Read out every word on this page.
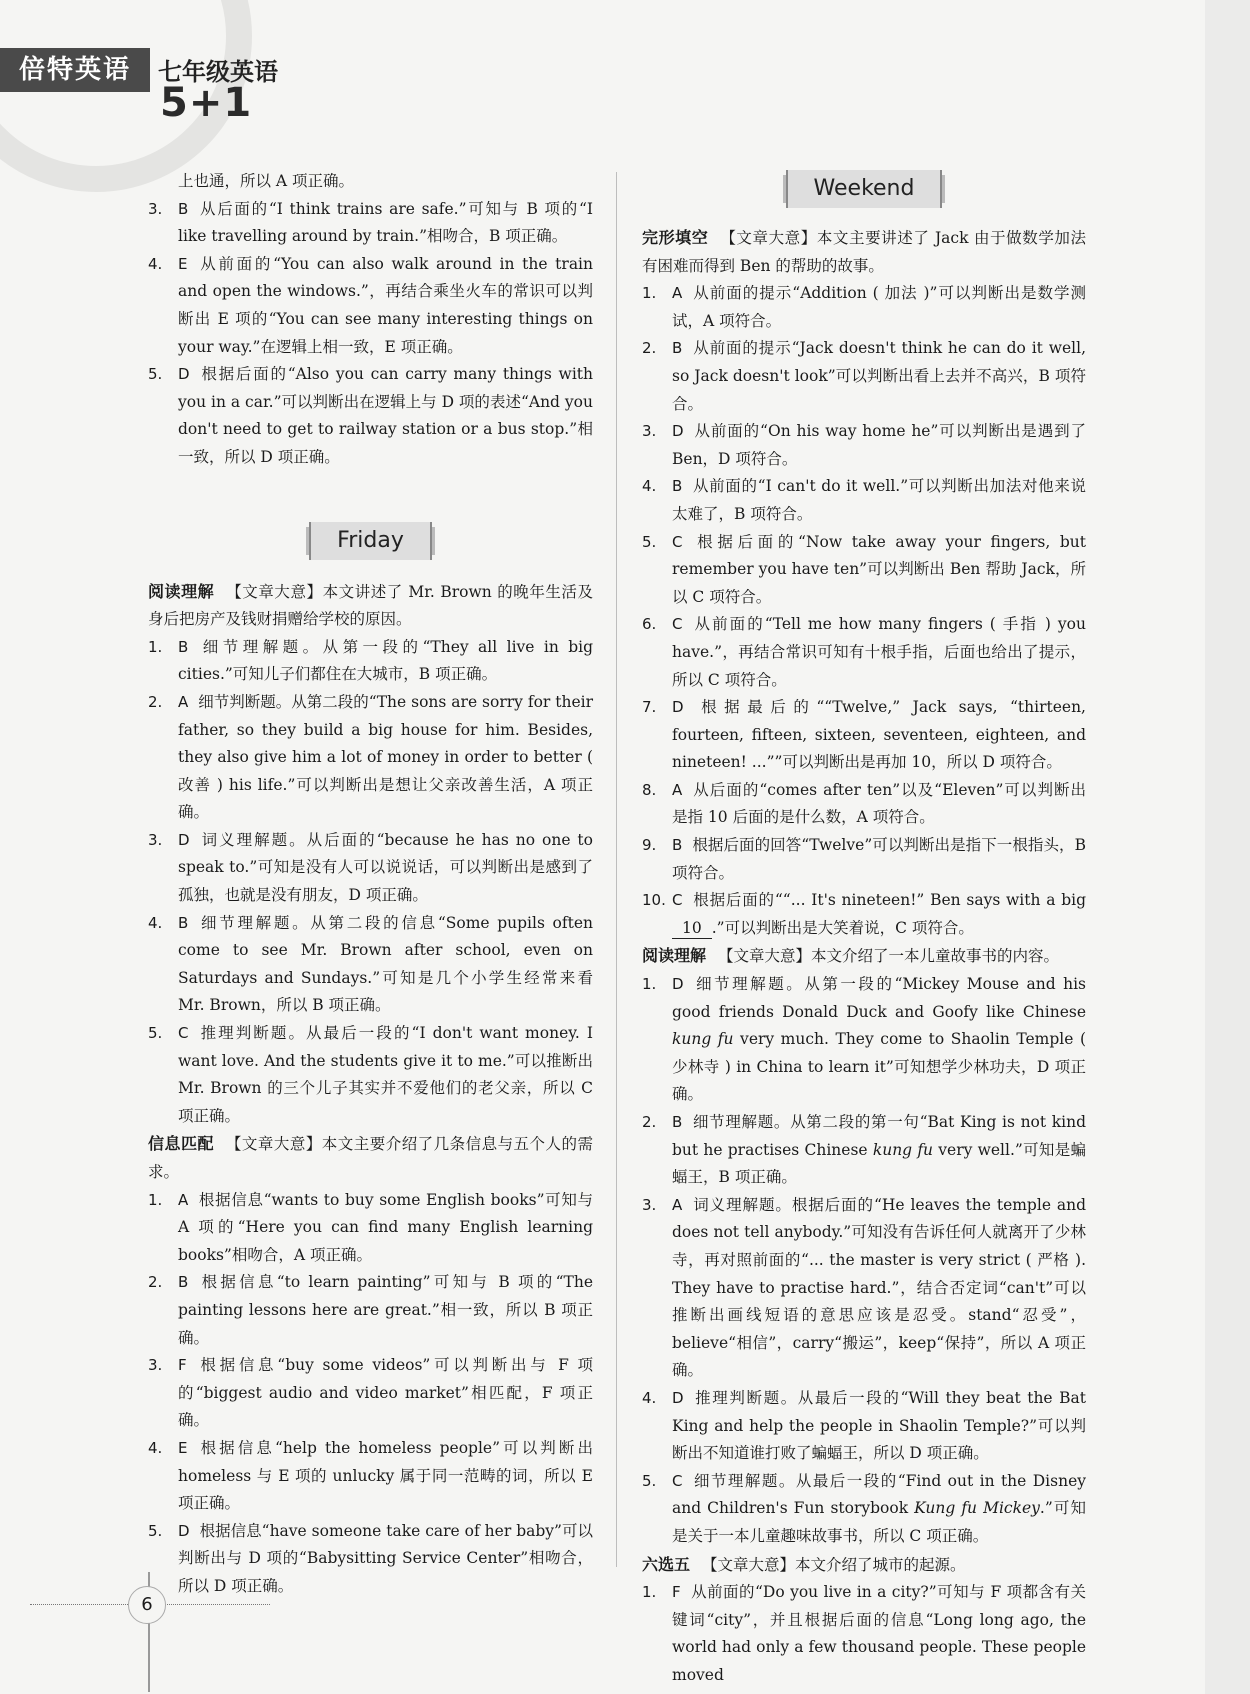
倍特英语	七年级英语
5+1
上也通，所以 A 项正确。
3. B 从后面的“I think trains are safe.”可知与 B 项的“I like travelling around by train.”相吻合，B 项正确。
4. E 从前面的“You can also walk around in the train and open the windows.”，再结合乘坐火车的常识可以判断出 E 项的“You can see many interesting things on your way.”在逻辑上相一致，E 项正确。
5. D 根据后面的“Also you can carry many things with you in a car.”可以判断出在逻辑上与 D 项的表述“And you don't need to get to railway station or a bus stop.”相一致，所以 D 项正确。
Friday
阅读理解 【文章大意】本文讲述了 Mr. Brown 的晚年生活及身后把房产及钱财捐赠给学校的原因。
1. B 细节理解题。从第一段的“They all live in big cities.”可知儿子们都住在大城市，B 项正确。
2. A 细节判断题。从第二段的“The sons are sorry for their father, so they build a big house for him. Besides, they also give him a lot of money in order to better ( 改善 ) his life.”可以判断出是想让父亲改善生活，A 项正确。
3. D 词义理解题。从后面的“because he has no one to speak to.”可知是没有人可以说说话，可以判断出是感到了孤独，也就是没有朋友，D 项正确。
4. B 细节理解题。从第二段的信息“Some pupils often come to see Mr. Brown after school, even on Saturdays and Sundays.”可知是几个小学生经常来看 Mr. Brown，所以 B 项正确。
5. C 推理判断题。从最后一段的“I don't want money. I want love. And the students give it to me.”可以推断出 Mr. Brown 的三个儿子其实并不爱他们的老父亲，所以 C 项正确。
信息匹配 【文章大意】本文主要介绍了几条信息与五个人的需求。
1. A 根据信息“wants to buy some English books”可知与 A 项的“Here you can find many English learning books”相吻合，A 项正确。
2. B 根据信息“to learn painting”可知与 B 项的“The painting lessons here are great.”相一致，所以 B 项正确。
3. F 根据信息“buy some videos”可以判断出与 F 项的“biggest audio and video market”相匹配，F 项正确。
4. E 根据信息“help the homeless people”可以判断出 homeless 与 E 项的 unlucky 属于同一范畴的词，所以 E 项正确。
5. D 根据信息“have someone take care of her baby”可以判断出与 D 项的“Babysitting Service Center”相吻合，所以 D 项正确。
Weekend
完形填空 【文章大意】本文主要讲述了 Jack 由于做数学加法有困难而得到 Ben 的帮助的故事。
1. A 从前面的提示“Addition ( 加法 )”可以判断出是数学测试，A 项符合。
2. B 从前面的提示“Jack doesn't think he can do it well, so Jack doesn't look”可以判断出看上去并不高兴，B 项符合。
3. D 从前面的“On his way home he”可以判断出是遇到了 Ben，D 项符合。
4. B 从前面的“I can't do it well.”可以判断出加法对他来说太难了，B 项符合。
5. C 根据后面的“Now take away your fingers, but remember you have ten”可以判断出 Ben 帮助 Jack，所以 C 项符合。
6. C 从前面的“Tell me how many fingers ( 手指 ) you have.”，再结合常识可知有十根手指，后面也给出了提示，所以 C 项符合。
7. D 根据最后的““Twelve,” Jack says, “thirteen, fourteen, fifteen, sixteen, seventeen, eighteen, and nineteen! ...””可以判断出是再加 10，所以 D 项符合。
8. A 从后面的“comes after ten”以及“Eleven”可以判断出是指 10 后面的是什么数，A 项符合。
9. B 根据后面的回答“Twelve”可以判断出是指下一根指头，B 项符合。
10. C 根据后面的““... It's nineteen!” Ben says with a big 10 .”可以判断出是大笑着说，C 项符合。
阅读理解 【文章大意】本文介绍了一本儿童故事书的内容。
1. D 细节理解题。从第一段的“Mickey Mouse and his good friends Donald Duck and Goofy like Chinese kung fu very much. They come to Shaolin Temple ( 少林寺 ) in China to learn it”可知想学少林功夫，D 项正确。
2. B 细节理解题。从第二段的第一句“Bat King is not kind but he practises Chinese kung fu very well.”可知是蝙蝠王，B 项正确。
3. A 词义理解题。根据后面的“He leaves the temple and does not tell anybody.”可知没有告诉任何人就离开了少林寺，再对照前面的“... the master is very strict ( 严格 ). They have to practise hard.”，结合否定词“can't”可以推断出画线短语的意思应该是忍受。stand“忍受”，believe“相信”，carry“搬运”，keep“保持”，所以 A 项正确。
4. D 推理判断题。从最后一段的“Will they beat the Bat King and help the people in Shaolin Temple?”可以判断出不知道谁打败了蝙蝠王，所以 D 项正确。
5. C 细节理解题。从最后一段的“Find out in the Disney and Children's Fun storybook Kung fu Mickey.”可知是关于一本儿童趣味故事书，所以 C 项正确。
六选五 【文章大意】本文介绍了城市的起源。
1. F 从前面的“Do you live in a city?”可知与 F 项都含有关键词“city”，并且根据后面的信息“Long long ago, the world had only a few thousand people. These people moved
6
